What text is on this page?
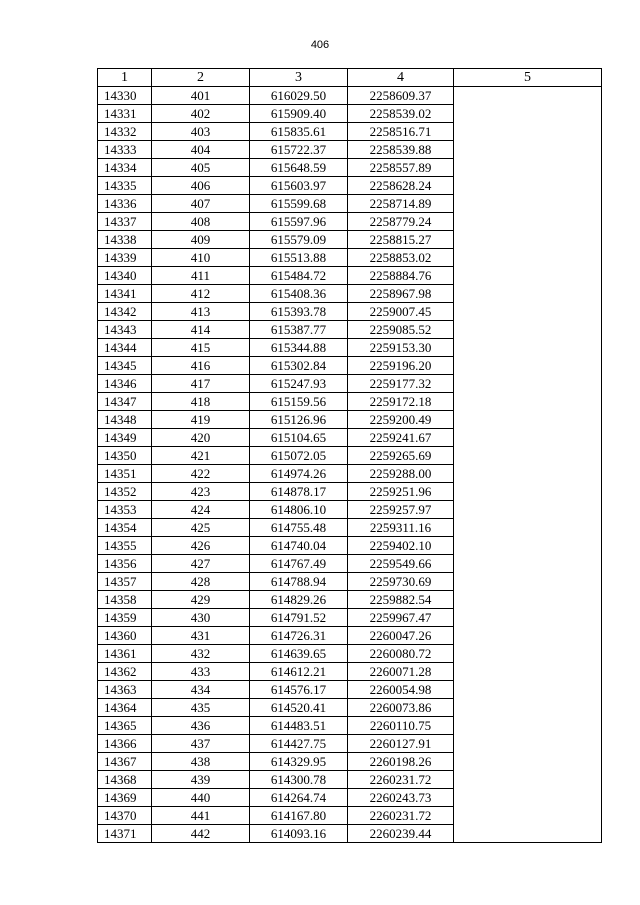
406
1	2	3	4	5
14330	401	616029.50	2258609.37	
14331	402	615909.40	2258539.02	
14332	403	615835.61	2258516.71	
14333	404	615722.37	2258539.88	
14334	405	615648.59	2258557.89	
14335	406	615603.97	2258628.24	
14336	407	615599.68	2258714.89	
14337	408	615597.96	2258779.24	
14338	409	615579.09	2258815.27	
14339	410	615513.88	2258853.02	
14340	411	615484.72	2258884.76	
14341	412	615408.36	2258967.98	
14342	413	615393.78	2259007.45	
14343	414	615387.77	2259085.52	
14344	415	615344.88	2259153.30	
14345	416	615302.84	2259196.20	
14346	417	615247.93	2259177.32	
14347	418	615159.56	2259172.18	
14348	419	615126.96	2259200.49	
14349	420	615104.65	2259241.67	
14350	421	615072.05	2259265.69	
14351	422	614974.26	2259288.00	
14352	423	614878.17	2259251.96	
14353	424	614806.10	2259257.97	
14354	425	614755.48	2259311.16	
14355	426	614740.04	2259402.10	
14356	427	614767.49	2259549.66	
14357	428	614788.94	2259730.69	
14358	429	614829.26	2259882.54	
14359	430	614791.52	2259967.47	
14360	431	614726.31	2260047.26	
14361	432	614639.65	2260080.72	
14362	433	614612.21	2260071.28	
14363	434	614576.17	2260054.98	
14364	435	614520.41	2260073.86	
14365	436	614483.51	2260110.75	
14366	437	614427.75	2260127.91	
14367	438	614329.95	2260198.26	
14368	439	614300.78	2260231.72	
14369	440	614264.74	2260243.73	
14370	441	614167.80	2260231.72	
14371	442	614093.16	2260239.44	
